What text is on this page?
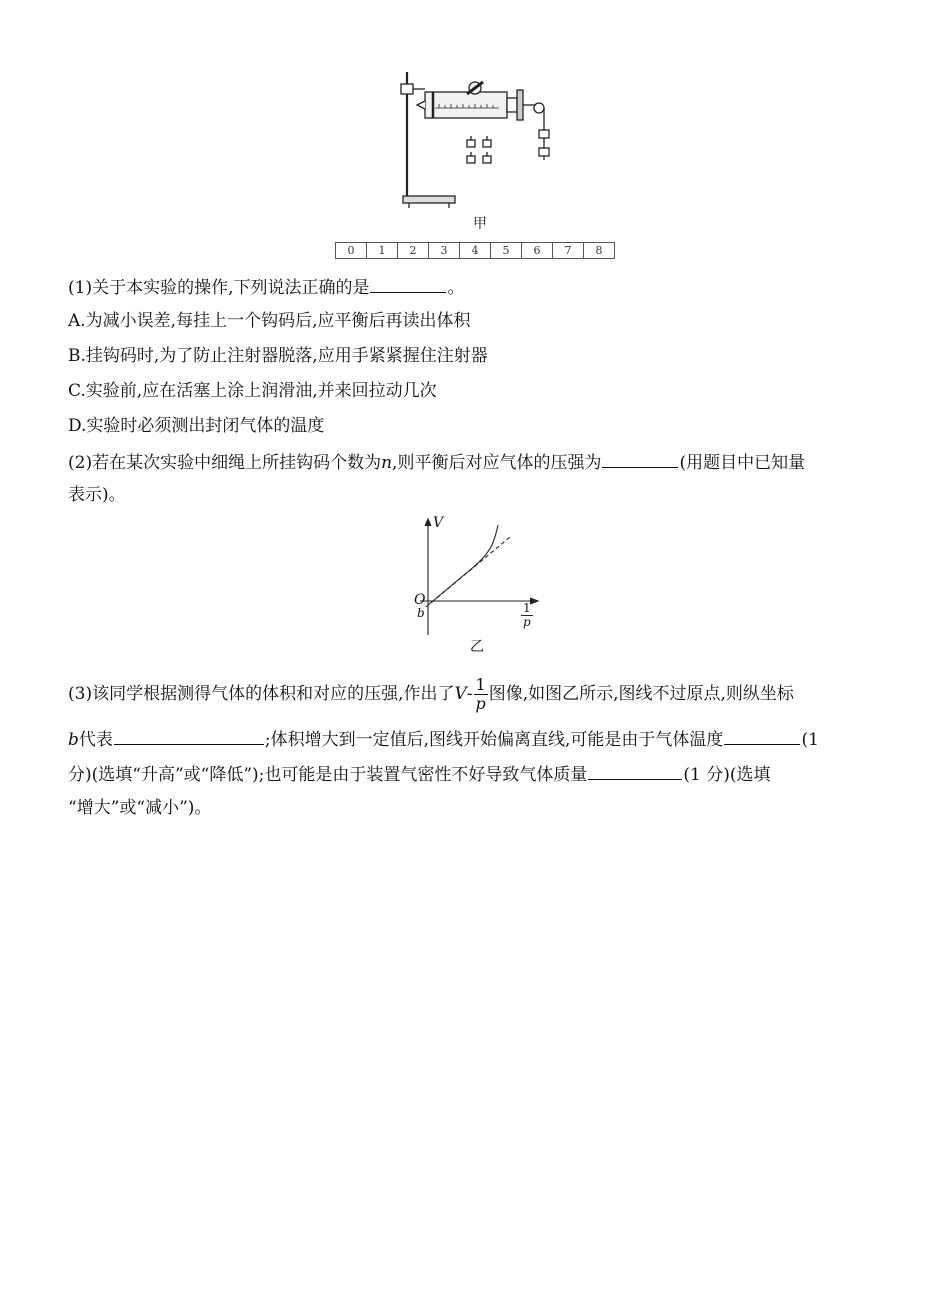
甲
0	1	2	3	4	5	6	7	8
(1)关于本实验的操作,下列说法正确的是	。
A.为减小误差,每挂上一个钩码后,应平衡后再读出体积
B.挂钩码时,为了防止注射器脱落,应用手紧紧握住注射器
C.实验前,应在活塞上涂上润滑油,并来回拉动几次
D.实验时必须测出封闭气体的温度
(2)若在某次实验中细绳上所挂钩码个数为n,则平衡后对应气体的压强为	(用题目中已知量
表示)。
V
O
b	$\frac{1}{p}$
乙
(3)该同学根据测得气体的体积和对应的压强,作出了$V- \frac{1}{p}$ 图像,如图乙所示,图线不过原点,则纵坐标
b代表	;体积增大到一定值后,图线开始偏离直线,可能是由于气体温度	(1
分)(选填“升高”或“降低”);也可能是由于装置气密性不好导致气体质量	(1 分)(选填
“增大”或“减小”)。
